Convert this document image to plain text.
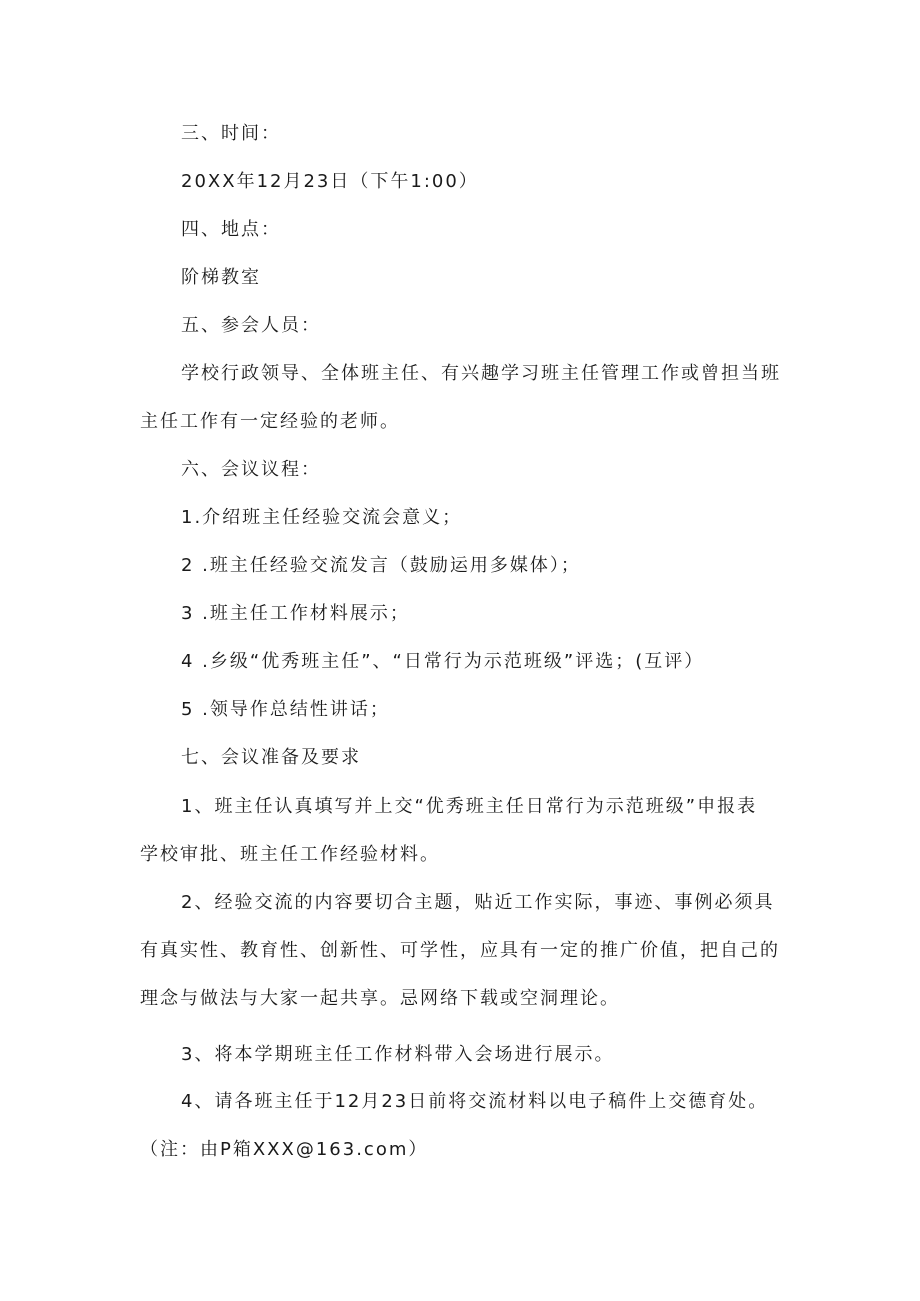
三、时间：
20XX年12月23日（下午1:00）
四、地点：
阶梯教室
五、参会人员：
学校行政领导、全体班主任、有兴趣学习班主任管理工作或曾担当班
主任工作有一定经验的老师。
六、会议议程：
1.介绍班主任经验交流会意义；
2 .班主任经验交流发言（鼓励运用多媒体）；
3 .班主任工作材料展示；
4 .乡级“优秀班主任”、“日常行为示范班级”评选；(互评）
5 .领导作总结性讲话；
七、会议准备及要求
1、班主任认真填写并上交“优秀班主任日常行为示范班级”申报表
学校审批、班主任工作经验材料。
2、经验交流的内容要切合主题，贴近工作实际，事迹、事例必须具
有真实性、教育性、创新性、可学性，应具有一定的推广价值，把自己的
理念与做法与大家一起共享。忌网络下载或空洞理论。
3、将本学期班主任工作材料带入会场进行展示。
4、请各班主任于12月23日前将交流材料以电子稿件上交德育处。
（注：由P箱XXX@163.com）
